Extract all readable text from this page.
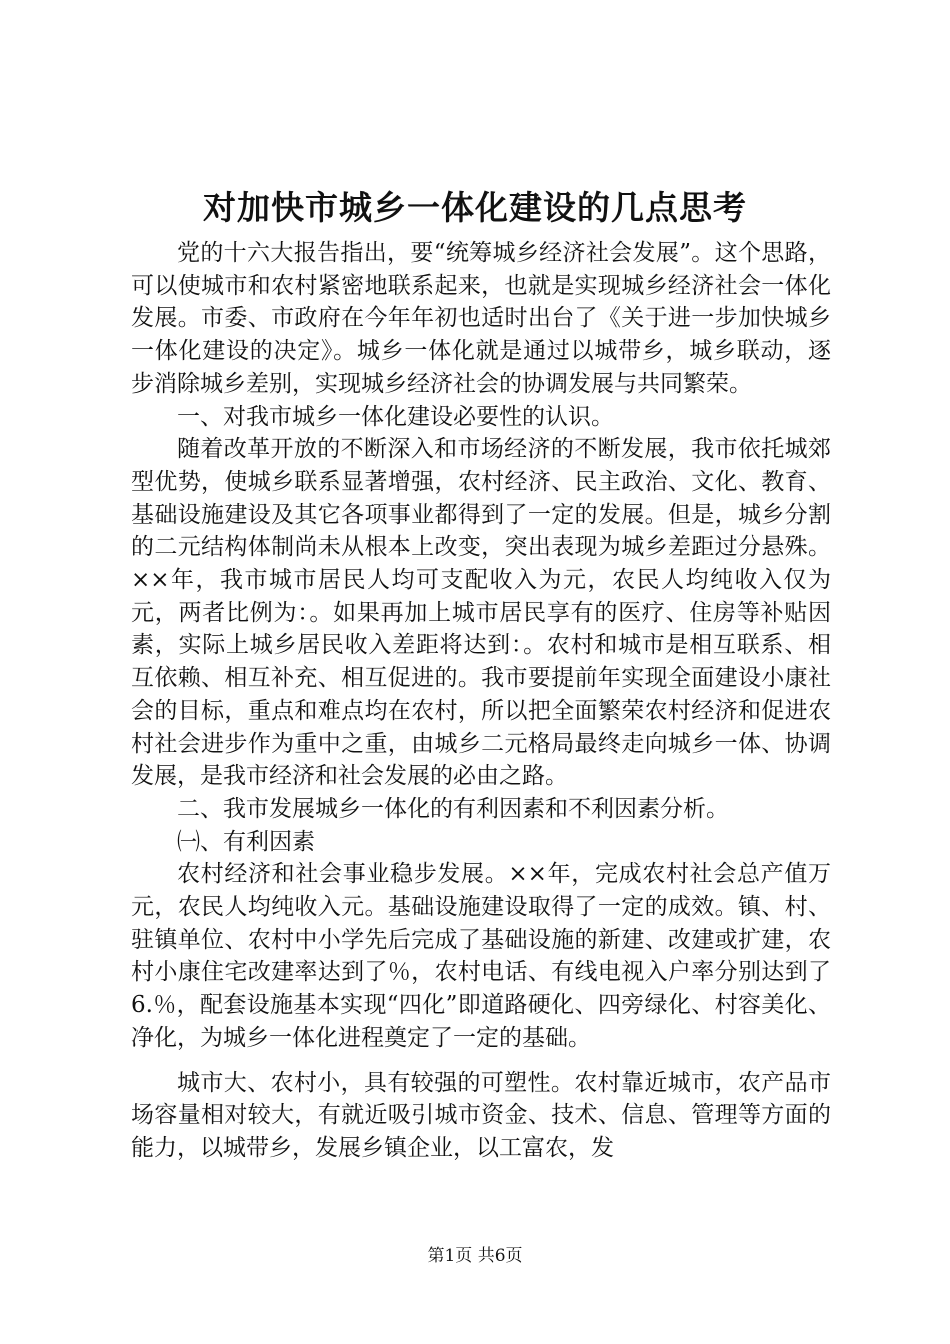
对加快市城乡一体化建设的几点思考

党的十六大报告指出，要“统筹城乡经济社会发展”。这个思路，可以使城市和农村紧密地联系起来，也就是实现城乡经济社会一体化发展。市委、市政府在今年年初也适时出台了《关于进一步加快城乡一体化建设的决定》。城乡一体化就是通过以城带乡，城乡联动，逐步消除城乡差别，实现城乡经济社会的协调发展与共同繁荣。

一、对我市城乡一体化建设必要性的认识。

随着改革开放的不断深入和市场经济的不断发展，我市依托城郊型优势，使城乡联系显著增强，农村经济、民主政治、文化、教育、基础设施建设及其它各项事业都得到了一定的发展。但是，城乡分割的二元结构体制尚未从根本上改变，突出表现为城乡差距过分悬殊。××年，我市城市居民人均可支配收入为元，农民人均纯收入仅为元，两者比例为：。如果再加上城市居民享有的医疗、住房等补贴因素，实际上城乡居民收入差距将达到：。农村和城市是相互联系、相互依赖、相互补充、相互促进的。我市要提前年实现全面建设小康社会的目标，重点和难点均在农村，所以把全面繁荣农村经济和促进农村社会进步作为重中之重，由城乡二元格局最终走向城乡一体、协调发展，是我市经济和社会发展的必由之路。

二、我市发展城乡一体化的有利因素和不利因素分析。

㈠、有利因素

农村经济和社会事业稳步发展。××年，完成农村社会总产值万元，农民人均纯收入元。基础设施建设取得了一定的成效。镇、村、驻镇单位、农村中小学先后完成了基础设施的新建、改建或扩建，农村小康住宅改建率达到了％，农村电话、有线电视入户率分别达到了6.％，配套设施基本实现“四化”即道路硬化、四旁绿化、村容美化、净化，为城乡一体化进程奠定了一定的基础。

城市大、农村小，具有较强的可塑性。农村靠近城市，农产品市场容量相对较大，有就近吸引城市资金、技术、信息、管理等方面的能力，以城带乡，发展乡镇企业，以工富农，发

第1页 共6页
